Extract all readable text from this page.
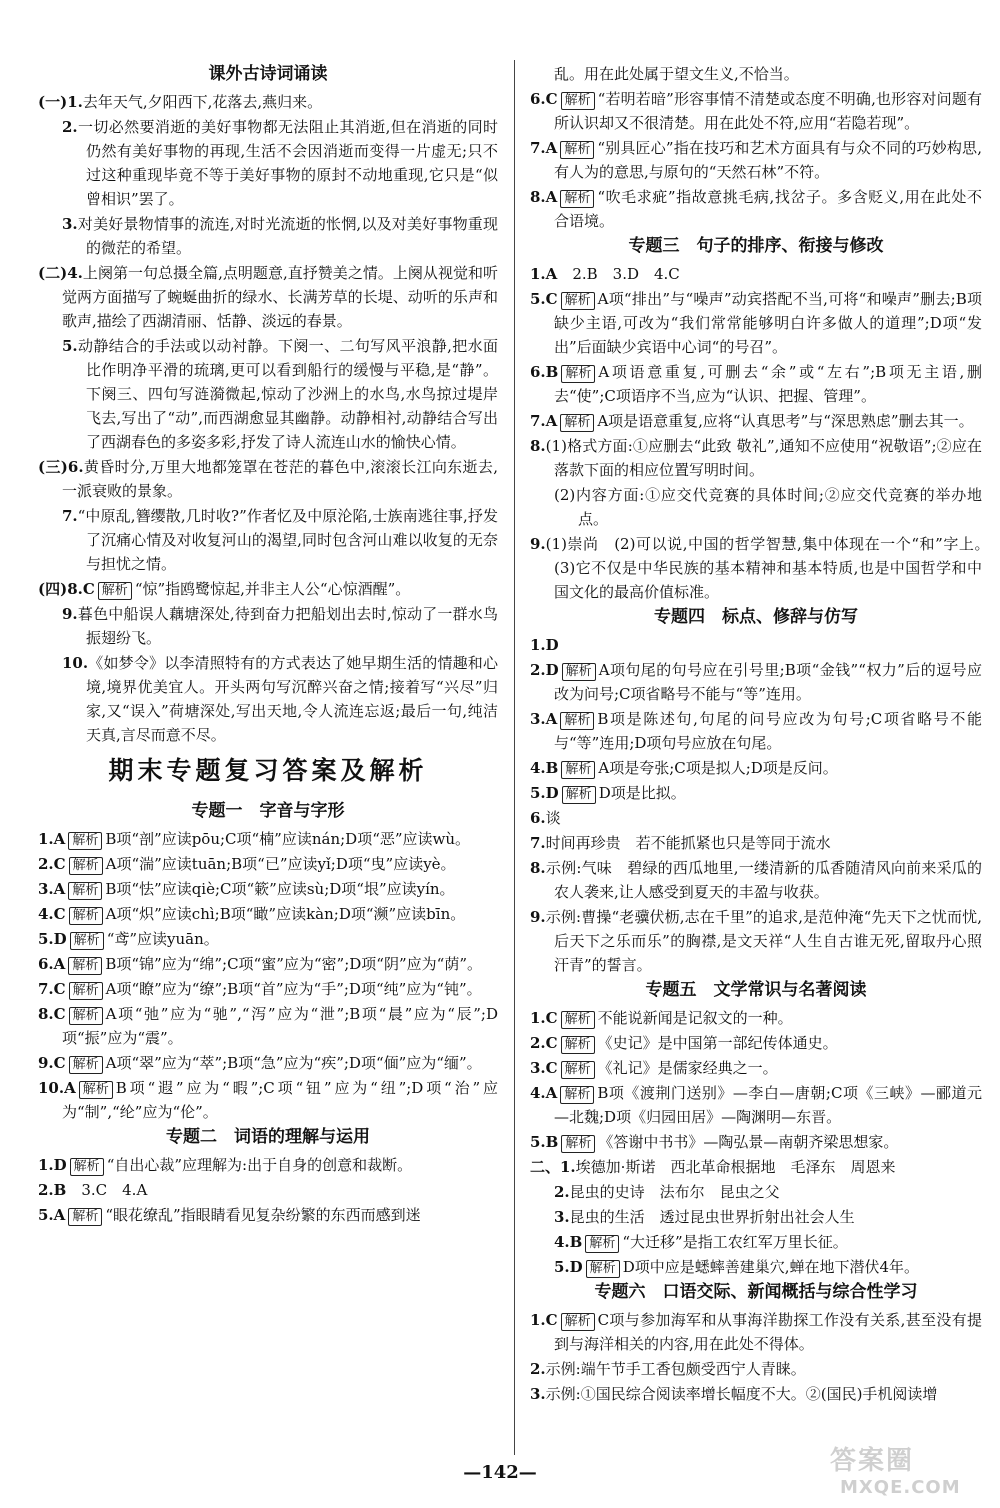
课外古诗词诵读
(一)1.去年天气,夕阳西下,花落去,燕归来。
2.一切必然要消逝的美好事物都无法阻止其消逝,但在消逝的同时仍然有美好事物的再现,生活不会因消逝而变得一片虚无;只不过这种重现毕竟不等于美好事物的原封不动地重现,它只是“似曾相识”罢了。
3.对美好景物情事的流连,对时光流逝的怅惘,以及对美好事物重现的微茫的希望。
(二)4.上阕第一句总摄全篇,点明题意,直抒赞美之情。上阕从视觉和听觉两方面描写了蜿蜒曲折的绿水、长满芳草的长堤、动听的乐声和歌声,描绘了西湖清丽、恬静、淡远的春景。
5.动静结合的手法或以动衬静。下阕一、二句写风平浪静,把水面比作明净平滑的琉璃,更可以看到船行的缓慢与平稳,是“静”。下阕三、四句写涟漪微起,惊动了沙洲上的水鸟,水鸟掠过堤岸飞去,写出了“动”,而西湖愈显其幽静。动静相衬,动静结合写出了西湖春色的多姿多彩,抒发了诗人流连山水的愉快心情。
(三)6.黄昏时分,万里大地都笼罩在苍茫的暮色中,滚滚长江向东逝去,一派衰败的景象。
7.“中原乱,簪缨散,几时收?”作者忆及中原沦陷,士族南逃往事,抒发了沉痛心情及对收复河山的渴望,同时包含河山难以收复的无奈与担忧之情。
(四)8.C 解析 “惊”指鸥鹭惊起,并非主人公“心惊酒醒”。
9.暮色中船误人藕塘深处,待到奋力把船划出去时,惊动了一群水鸟振翅纷飞。
10.《如梦令》以李清照特有的方式表达了她早期生活的情趣和心境,境界优美宜人。开头两句写沉醉兴奋之情;接着写“兴尽”归家,又“误入”荷塘深处,写出天地,令人流连忘返;最后一句,纯洁天真,言尽而意不尽。
期末专题复习答案及解析
专题一　字音与字形
1.A 解析 B项“剖”应读pōu;C项“楠”应读nán;D项“恶”应读wù。
2.C 解析 A项“湍”应读tuān;B项“已”应读yǐ;D项“曳”应读yè。
3.A 解析 B项“怯”应读qiè;C项“簌”应读sù;D项“垠”应读yín。
4.C 解析 A项“炽”应读chì;B项“瞰”应读kàn;D项“濒”应读bīn。
5.D 解析 “鸢”应读yuān。
6.A 解析 B项“锦”应为“绵”;C项“蜜”应为“密”;D项“阴”应为“荫”。
7.C 解析 A项“瞭”应为“缭”;B项“首”应为“手”;D项“纯”应为“钝”。
8.C 解析 A项“弛”应为“驰”,“泻”应为“泄”;B项“晨”应为“辰”;D项“振”应为“震”。
9.C 解析 A项“翠”应为“萃”;B项“急”应为“疾”;D项“偭”应为“缅”。
10.A 解析 B项“遐”应为“暇”;C项“钮”应为“纽”;D项“治”应为“制”,“纶”应为“伦”。
专题二　词语的理解与运用
1.D 解析 “自出心裁”应理解为:出于自身的创意和裁断。
2.B　3.C　4.A
5.A 解析 “眼花缭乱”指眼睛看见复杂纷繁的东西而感到迷
乱。用在此处属于望文生义,不恰当。
6.C 解析 “若明若暗”形容事情不清楚或态度不明确,也形容对问题有所认识却又不很清楚。用在此处不符,应用“若隐若现”。
7.A 解析 “别具匠心”指在技巧和艺术方面具有与众不同的巧妙构思,有人为的意思,与原句的“天然石林”不符。
8.A 解析 “吹毛求疵”指故意挑毛病,找岔子。多含贬义,用在此处不合语境。
专题三　句子的排序、衔接与修改
1.A　2.B　3.D　4.C
5.C 解析 A项“排出”与“噪声”动宾搭配不当,可将“和噪声”删去;B项缺少主语,可改为“我们常常能够明白许多做人的道理”;D项“发出”后面缺少宾语中心词“的号召”。
6.B 解析 A项语意重复,可删去“余”或“左右”;B项无主语,删去“使”;C项语序不当,应为“认识、把握、管理”。
7.A 解析 A项是语意重复,应将“认真思考”与“深思熟虑”删去其一。
8.(1)格式方面:①应删去“此致 敬礼”,通知不应使用“祝敬语”;②应在落款下面的相应位置写明时间。
(2)内容方面:①应交代竞赛的具体时间;②应交代竞赛的举办地点。
9.(1)崇尚　(2)可以说,中国的哲学智慧,集中体现在一个“和”字上。　(3)它不仅是中华民族的基本精神和基本特质,也是中国哲学和中国文化的最高价值标准。
专题四　标点、修辞与仿写
1.D
2.D 解析 A项句尾的句号应在引号里;B项“金钱”“权力”后的逗号应改为问号;C项省略号不能与“等”连用。
3.A 解析 B项是陈述句,句尾的问号应改为句号;C项省略号不能与“等”连用;D项句号应放在句尾。
4.B 解析 A项是夸张;C项是拟人;D项是反问。
5.D 解析 D项是比拟。
6.谈
7.时间再珍贵　若不能抓紧也只是等同于流水
8.示例:气味　碧绿的西瓜地里,一缕清新的瓜香随清风向前来采瓜的农人袭来,让人感受到夏天的丰盈与收获。
9.示例:曹操“老骥伏枥,志在千里”的追求,是范仲淹“先天下之忧而忧,后天下之乐而乐”的胸襟,是文天祥“人生自古谁无死,留取丹心照汗青”的誓言。
专题五　文学常识与名著阅读
1.C 解析 不能说新闻是记叙文的一种。
2.C 解析 《史记》是中国第一部纪传体通史。
3.C 解析 《礼记》是儒家经典之一。
4.A 解析 B项《渡荆门送别》—李白—唐朝;C项《三峡》—郦道元—北魏;D项《归园田居》—陶渊明—东晋。
5.B 解析 《答谢中书书》—陶弘景—南朝齐梁思想家。
二、1.埃德加·斯诺　西北革命根据地　毛泽东　周恩来
2.昆虫的史诗　法布尔　昆虫之父
3.昆虫的生活　透过昆虫世界折射出社会人生
4.B 解析 “大迁移”是指工农红军万里长征。
5.D 解析 D项中应是蟋蟀善建巢穴,蝉在地下潜伏4年。
专题六　口语交际、新闻概括与综合性学习
1.C 解析 C项与参加海军和从事海洋勘探工作没有关系,甚至没有提到与海洋相关的内容,用在此处不得体。
2.示例:端午节手工香包颇受西宁人青睐。
3.示例:①国民综合阅读率增长幅度不大。②(国民)手机阅读增
—142—	答案圈
MXQE.COM
